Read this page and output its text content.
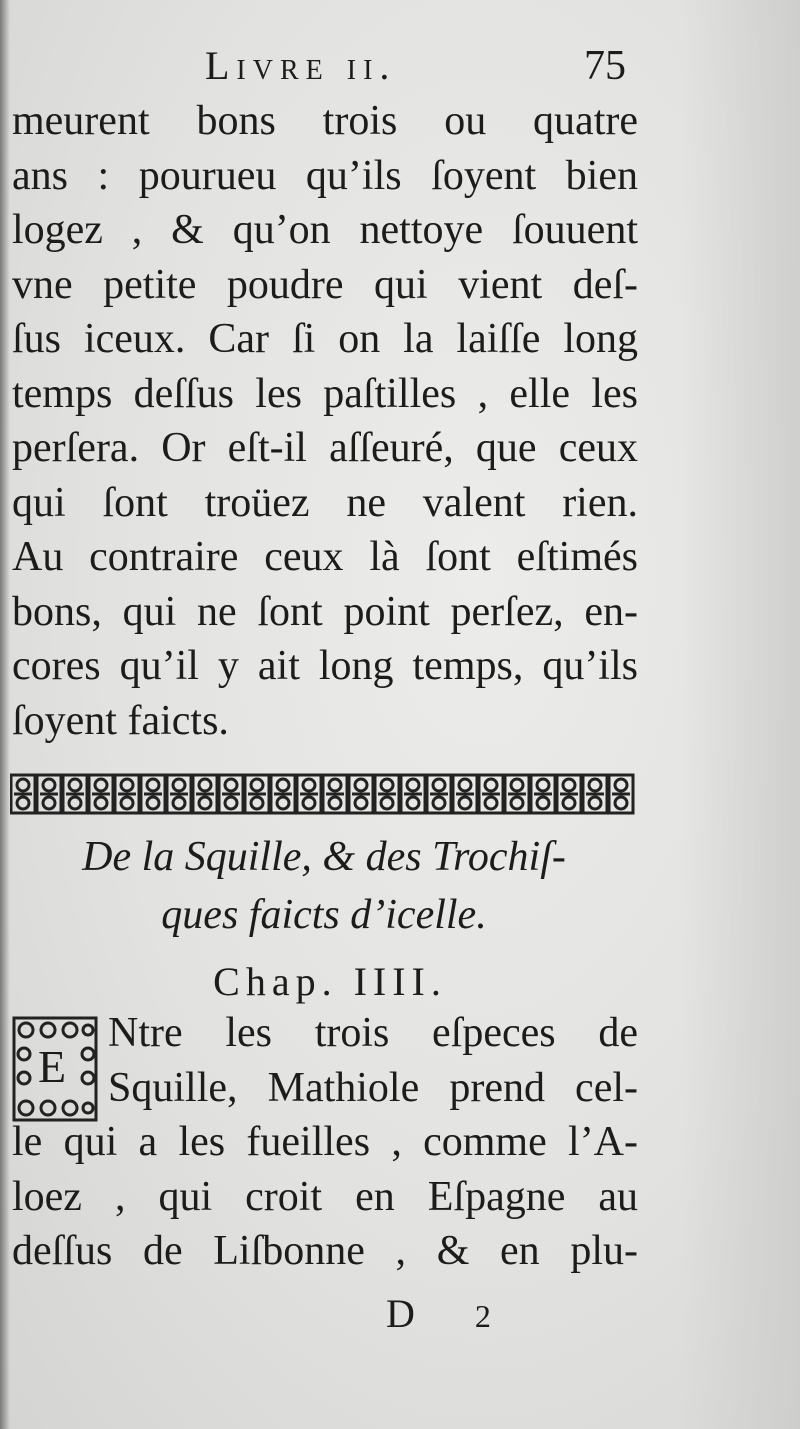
Livre ii.	75
meurent bons trois ou quatre
ans : pourueu qu’ils ſoyent bien
logez , & qu’on nettoye ſouuent
vne petite poudre qui vient deſ-
ſus iceux. Car ſi on la laiſſe long
temps deſſus les paſtilles , elle les
perſera. Or eſt-il aſſeuré, que ceux
qui ſont troüez ne valent rien.
Au contraire ceux là ſont eſtimés
bons, qui ne ſont point perſez, en-
cores qu’il y ait long temps, qu’ils
ſoyent faicts.
De la Squille, & des Trochiſ-
ques faicts d’icelle.
Chap. IIII.
E
Ntre les trois eſpeces de
Squille, Mathiole prend cel-
le qui a les fueilles , comme l’A-
loez , qui croit en Eſpagne au
deſſus de Liſbonne , & en plu-
D 2
